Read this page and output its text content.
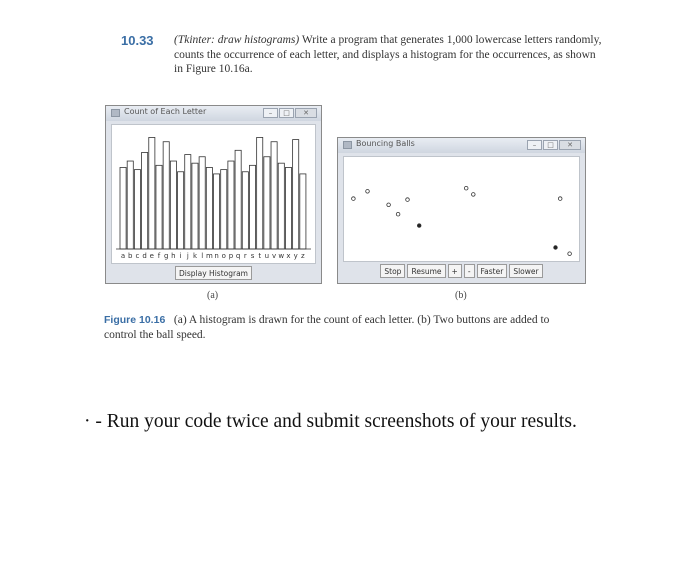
10.33 (Tkinter: draw histograms) Write a program that generates 1,000 lowercase letters randomly, counts the occurrence of each letter, and displays a histogram for the occurrences, as shown in Figure 10.16a.
Count of Each Letter	–	□	✕
a b c d e f g h i j k l m n o p q r s t u v w x y z
Display Histogram
(a)
Bouncing Balls	–	□	✕
Stop	Resume	+	-	Faster	Slower
(b)
Figure 10.16 (a) A histogram is drawn for the count of each letter. (b) Two buttons are added to control the ball speed.
· - Run your code twice and submit screenshots of your results.
